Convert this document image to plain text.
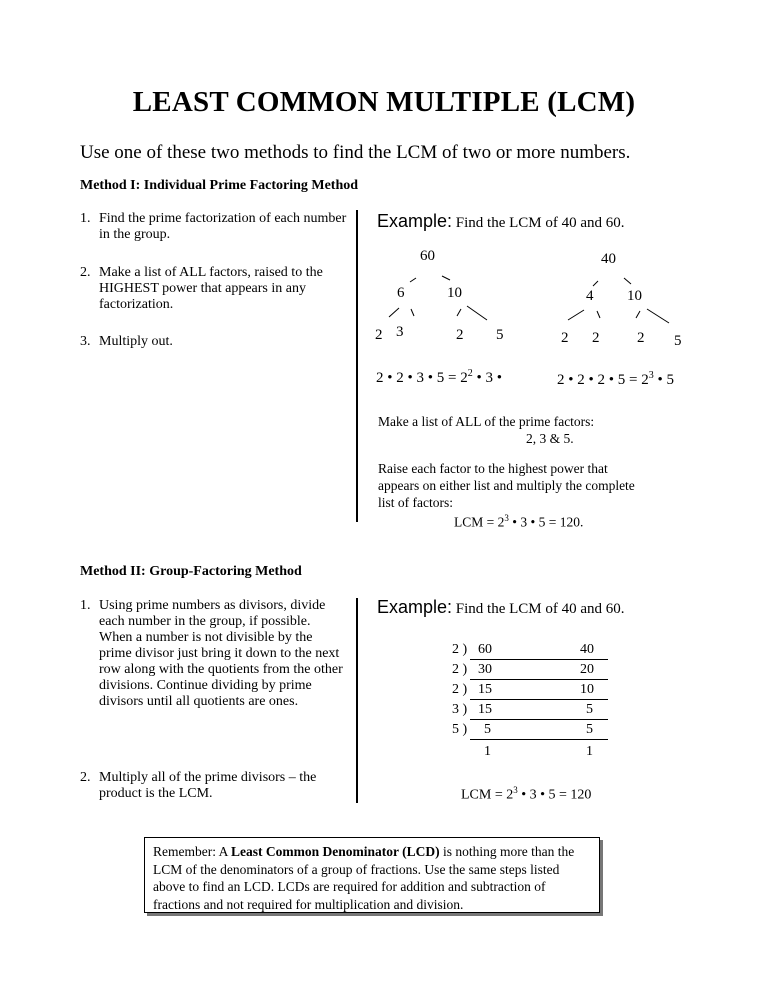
LEAST COMMON MULTIPLE (LCM)
Use one of these two methods to find the LCM of two or more numbers.
Method I: Individual Prime Factoring Method
1. Find the prime factorization of each number in the group.
2. Make a list of ALL factors, raised to the HIGHEST power that appears in any factorization.
3. Multiply out.
Example: Find the LCM of 40 and 60.
60
6	10
2 3	2 5
40
4 10
2 2	2 5
2 • 2 • 3 • $5 = 2^2$ • 3 •	2 • 2 • 2 • $5 = 2^3$ • 5
Make a list of ALL of the prime factors:
2, 3 & 5.
Raise each factor to the highest power that
appears on either list and multiply the complete
list of factors:
LCM = $2^3$ • 3 • 5 = 120.
Method II: Group-Factoring Method
1. Using prime numbers as divisors, divide each number in the group, if possible. When a number is not divisible by the prime divisor just bring it down to the next row along with the quotients from the other divisions. Continue dividing by prime divisors until all quotients are ones.
2. Multiply all of the prime divisors – the product is the LCM.
Example: Find the LCM of 40 and 60.
2 ) 60	40
2 ) 30	20
2 ) 15	10
3 ) 15	5
5 ) 5	5
1	1
LCM = $2^3$ • 3 • 5 = 120
Remember: A Least Common Denominator (LCD) is nothing more than the LCM of the denominators of a group of fractions. Use the same steps listed above to find an LCD. LCDs are required for addition and subtraction of fractions and not required for multiplication and division.
